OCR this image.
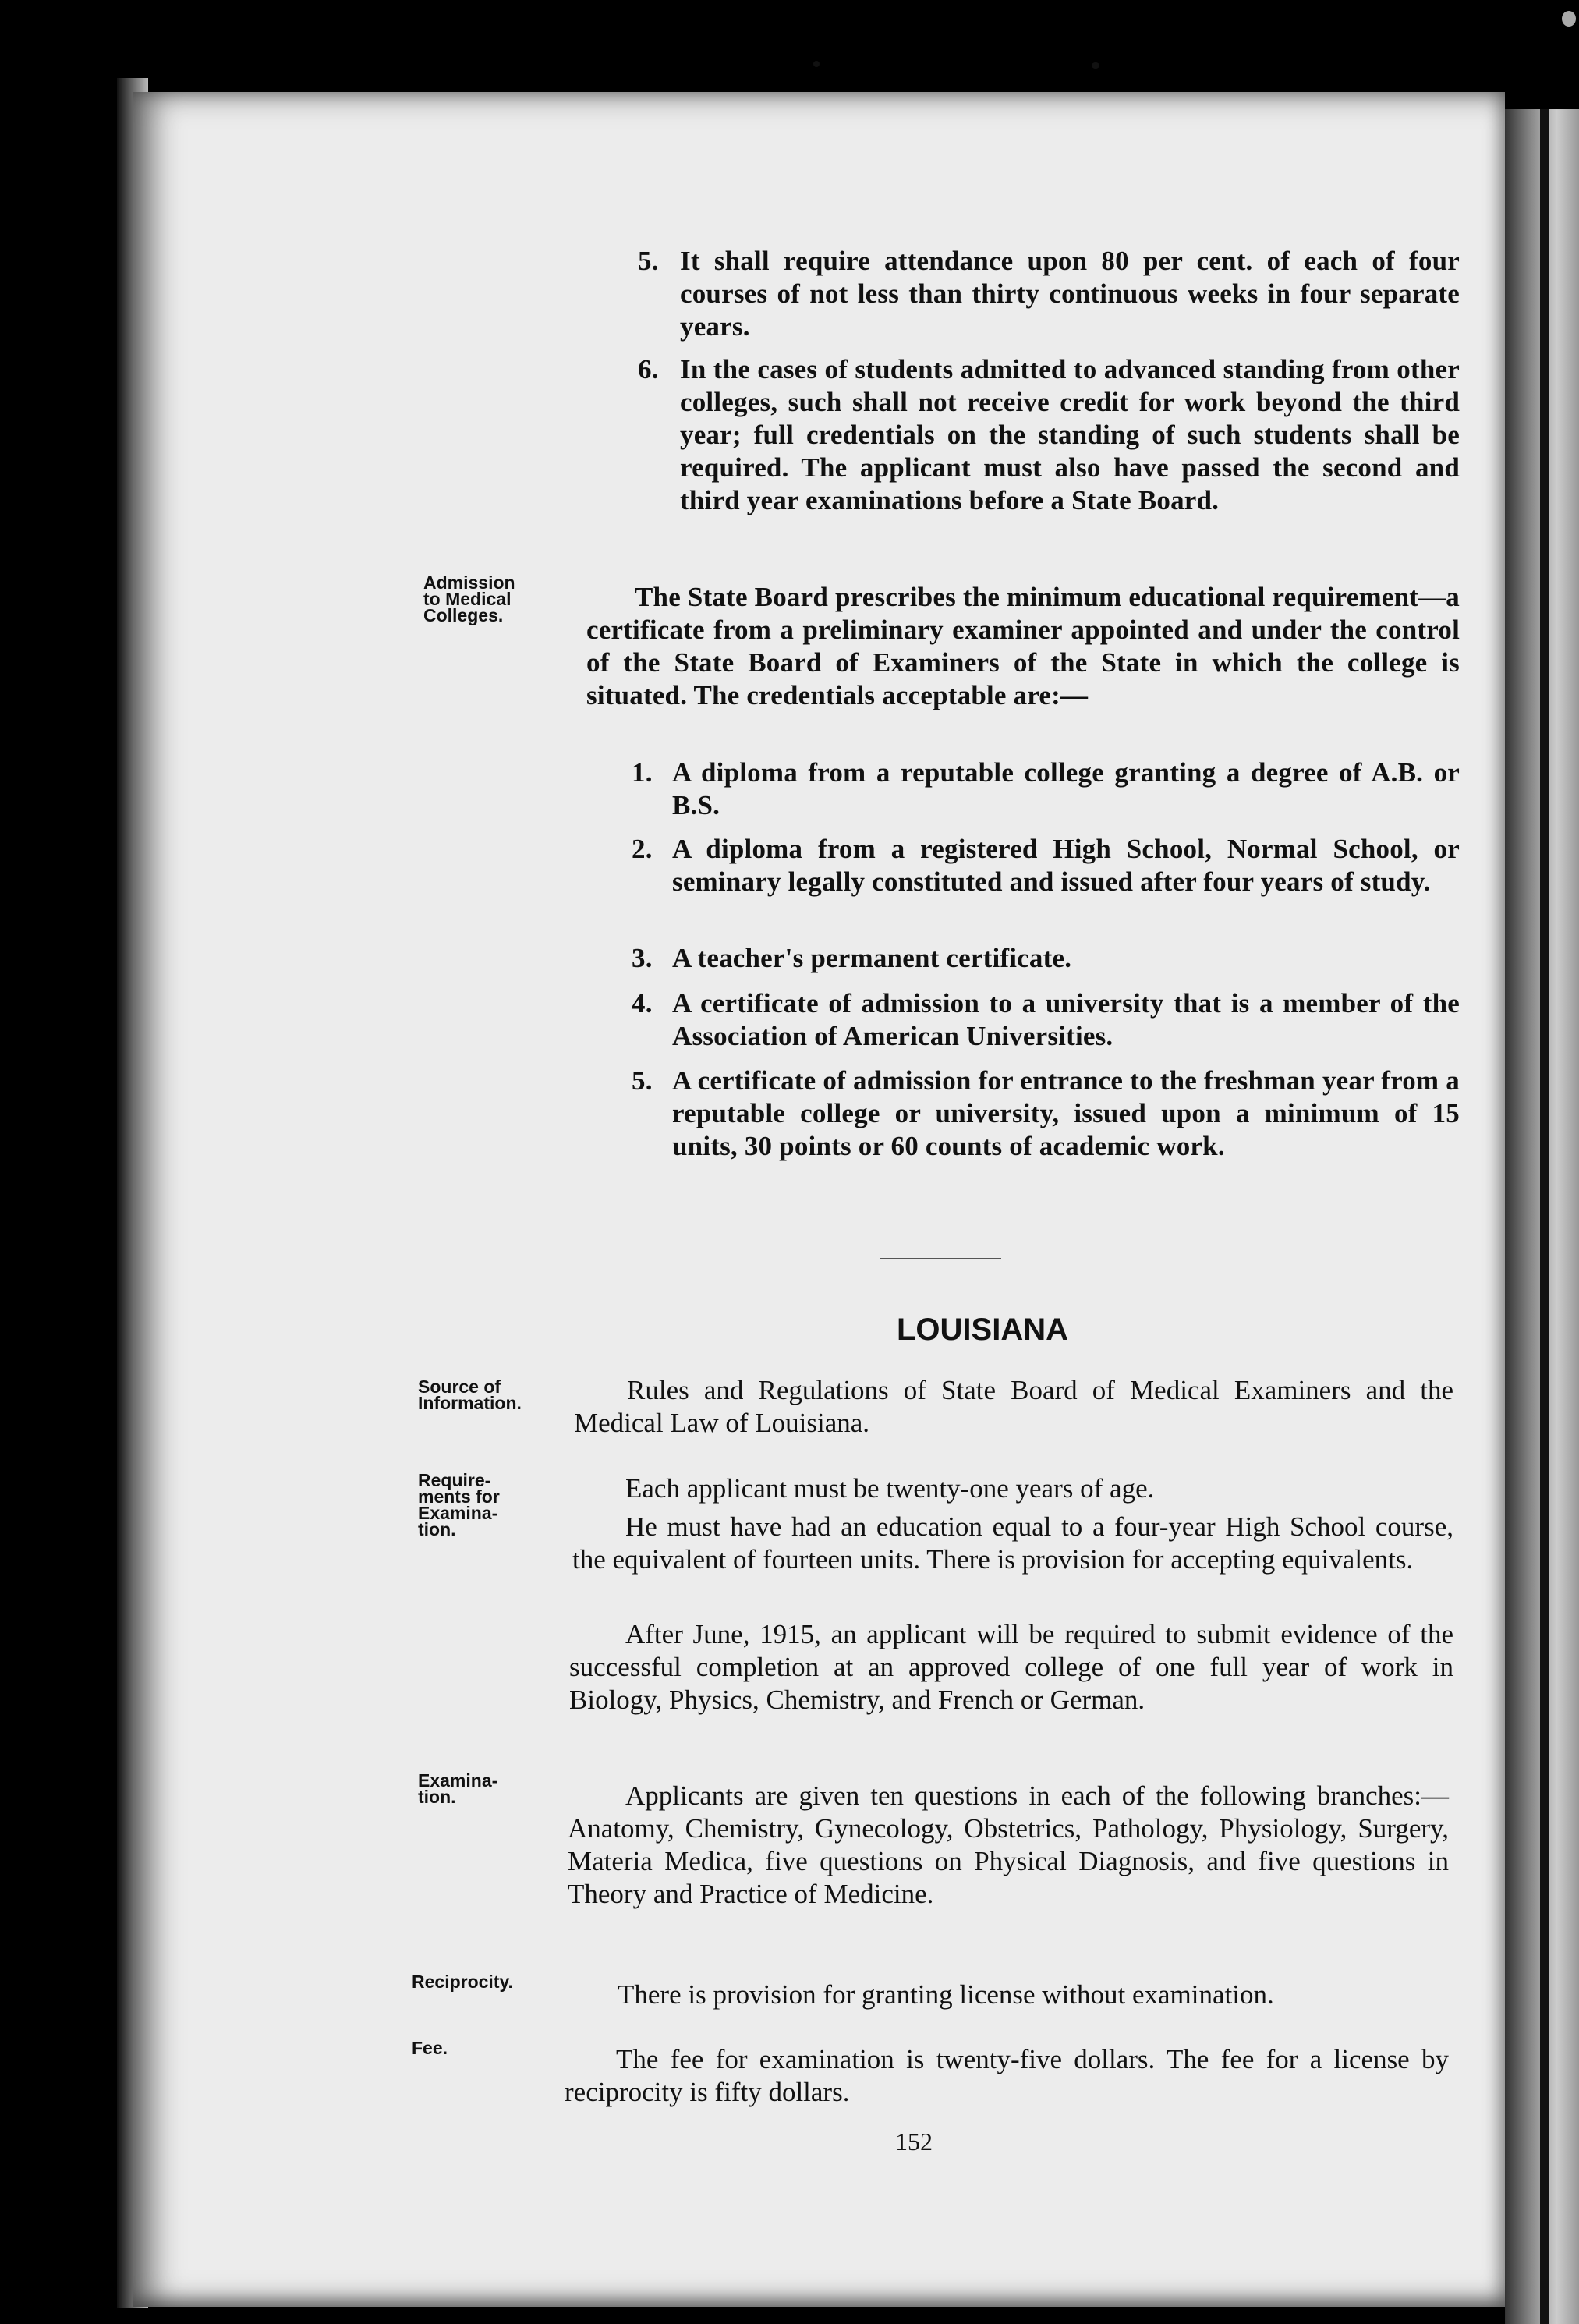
5. It shall require attendance upon 80 per cent. of each of four courses of not less than thirty continuous weeks in four separate years.
6. In the cases of students admitted to advanced standing from other colleges, such shall not receive credit for work beyond the third year; full credentials on the standing of such students shall be required. The applicant must also have passed the second and third year examinations before a State Board.
Admission
to Medical
Colleges.
The State Board prescribes the minimum educational requirement—a certificate from a preliminary examiner appointed and under the control of the State Board of Examiners of the State in which the college is situated. The credentials acceptable are:—
1. A diploma from a reputable college granting a degree of A.B. or B.S.
2. A diploma from a registered High School, Normal School, or seminary legally constituted and issued after four years of study.
3. A teacher's permanent certificate.
4. A certificate of admission to a university that is a member of the Association of American Universities.
5. A certificate of admission for entrance to the freshman year from a reputable college or university, issued upon a minimum of 15 units, 30 points or 60 counts of academic work.
LOUISIANA
Source of
Information.	Rules and Regulations of State Board of Medical Examiners and the Medical Law of Louisiana.
Require-
ments for
Examina-
tion.
Each applicant must be twenty-one years of age.
He must have had an education equal to a four-year High School course, the equivalent of fourteen units. There is provision for accepting equivalents.
After June, 1915, an applicant will be required to submit evidence of the successful completion at an approved college of one full year of work in Biology, Physics, Chemistry, and French or German.
Examina-
tion.	Applicants are given ten questions in each of the following branches:—Anatomy, Chemistry, Gynecology, Obstetrics, Pathology, Physiology, Surgery, Materia Medica, five questions on Physical Diagnosis, and five questions in Theory and Practice of Medicine.
Reciprocity.	There is provision for granting license without examination.
Fee.	The fee for examination is twenty-five dollars. The fee for a license by reciprocity is fifty dollars.
152
